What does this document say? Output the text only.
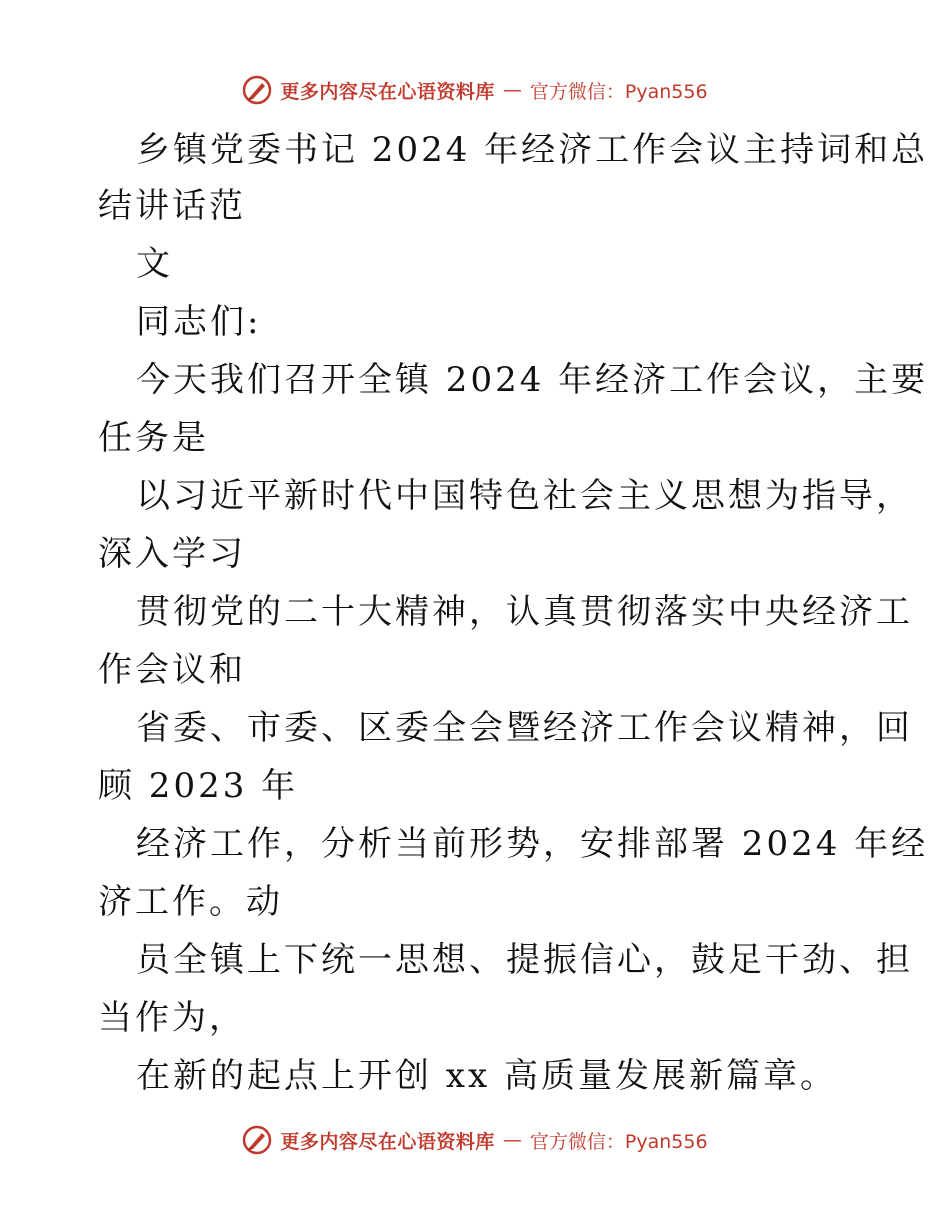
更多内容尽在心语资料库 — 官方微信：Pyan556
乡镇党委书记 2024 年经济工作会议主持词和总
结讲话范
文
同志们:
今天我们召开全镇 2024 年经济工作会议，主要
任务是
以习近平新时代中国特色社会主义思想为指导，
深入学习
贯彻党的二十大精神，认真贯彻落实中央经济工
作会议和
省委、市委、区委全会暨经济工作会议精神，回
顾 2023 年
经济工作，分析当前形势，安排部署 2024 年经
济工作。动
员全镇上下统一思想、提振信心，鼓足干劲、担
当作为，
在新的起点上开创 xx 高质量发展新篇章。
更多内容尽在心语资料库 — 官方微信：Pyan556
